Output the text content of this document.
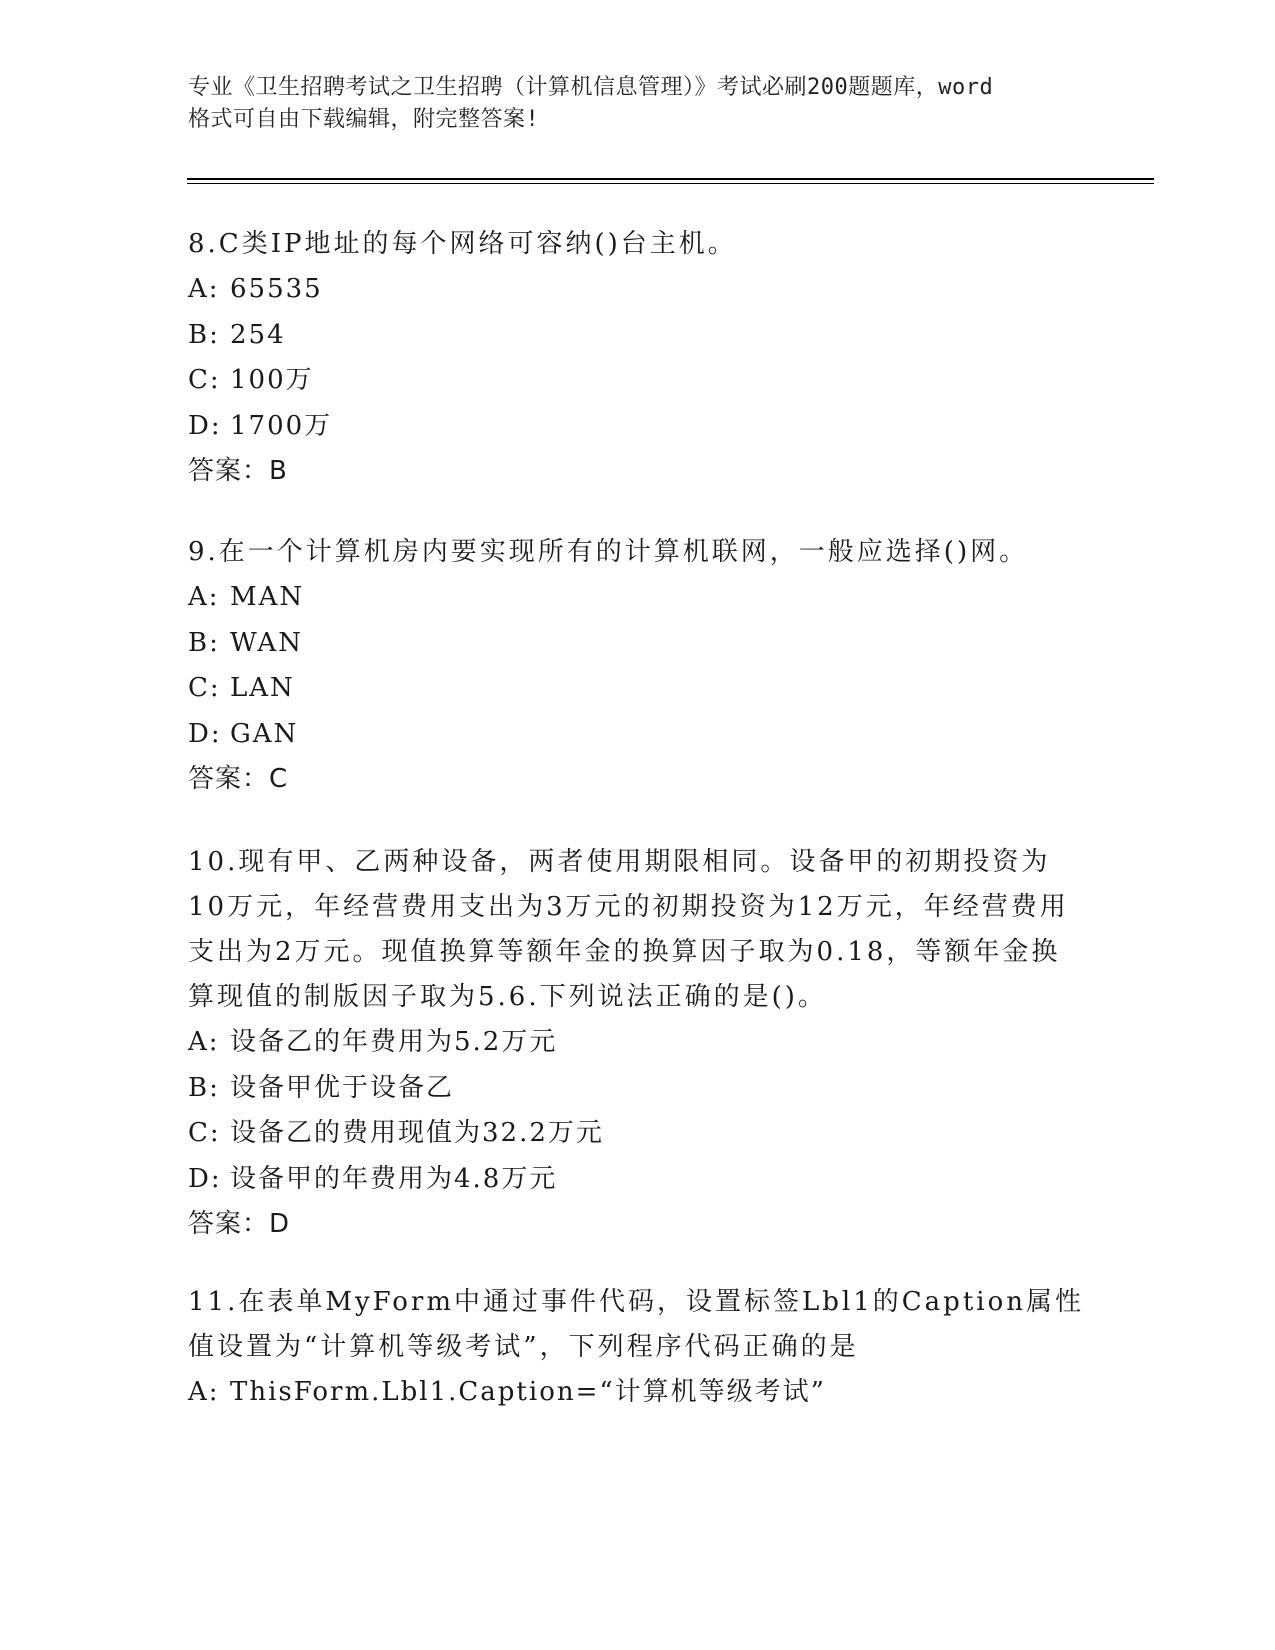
专业《卫生招聘考试之卫生招聘（计算机信息管理）》考试必刷200题题库，word
格式可自由下载编辑，附完整答案!

8.C类IP地址的每个网络可容纳()台主机。

A: 65535

B: 254

C: 100万

D: 1700万

答案：B

9.在一个计算机房内要实现所有的计算机联网，一般应选择()网。

A: MAN

B: WAN

C: LAN

D: GAN

答案：C

10.现有甲、乙两种设备，两者使用期限相同。设备甲的初期投资为10万元，年经营费用支出为3万元的初期投资为12万元，年经营费用支出为2万元。现值换算等额年金的换算因子取为0.18，等额年金换算现值的制版因子取为5.6.下列说法正确的是()。

A: 设备乙的年费用为5.2万元

B: 设备甲优于设备乙

C: 设备乙的费用现值为32.2万元

D: 设备甲的年费用为4.8万元

答案：D

11.在表单MyForm中通过事件代码，设置标签Lbl1的Caption属性值设置为“计算机等级考试”，下列程序代码正确的是

A: ThisForm.Lbl1.Caption=“计算机等级考试”
